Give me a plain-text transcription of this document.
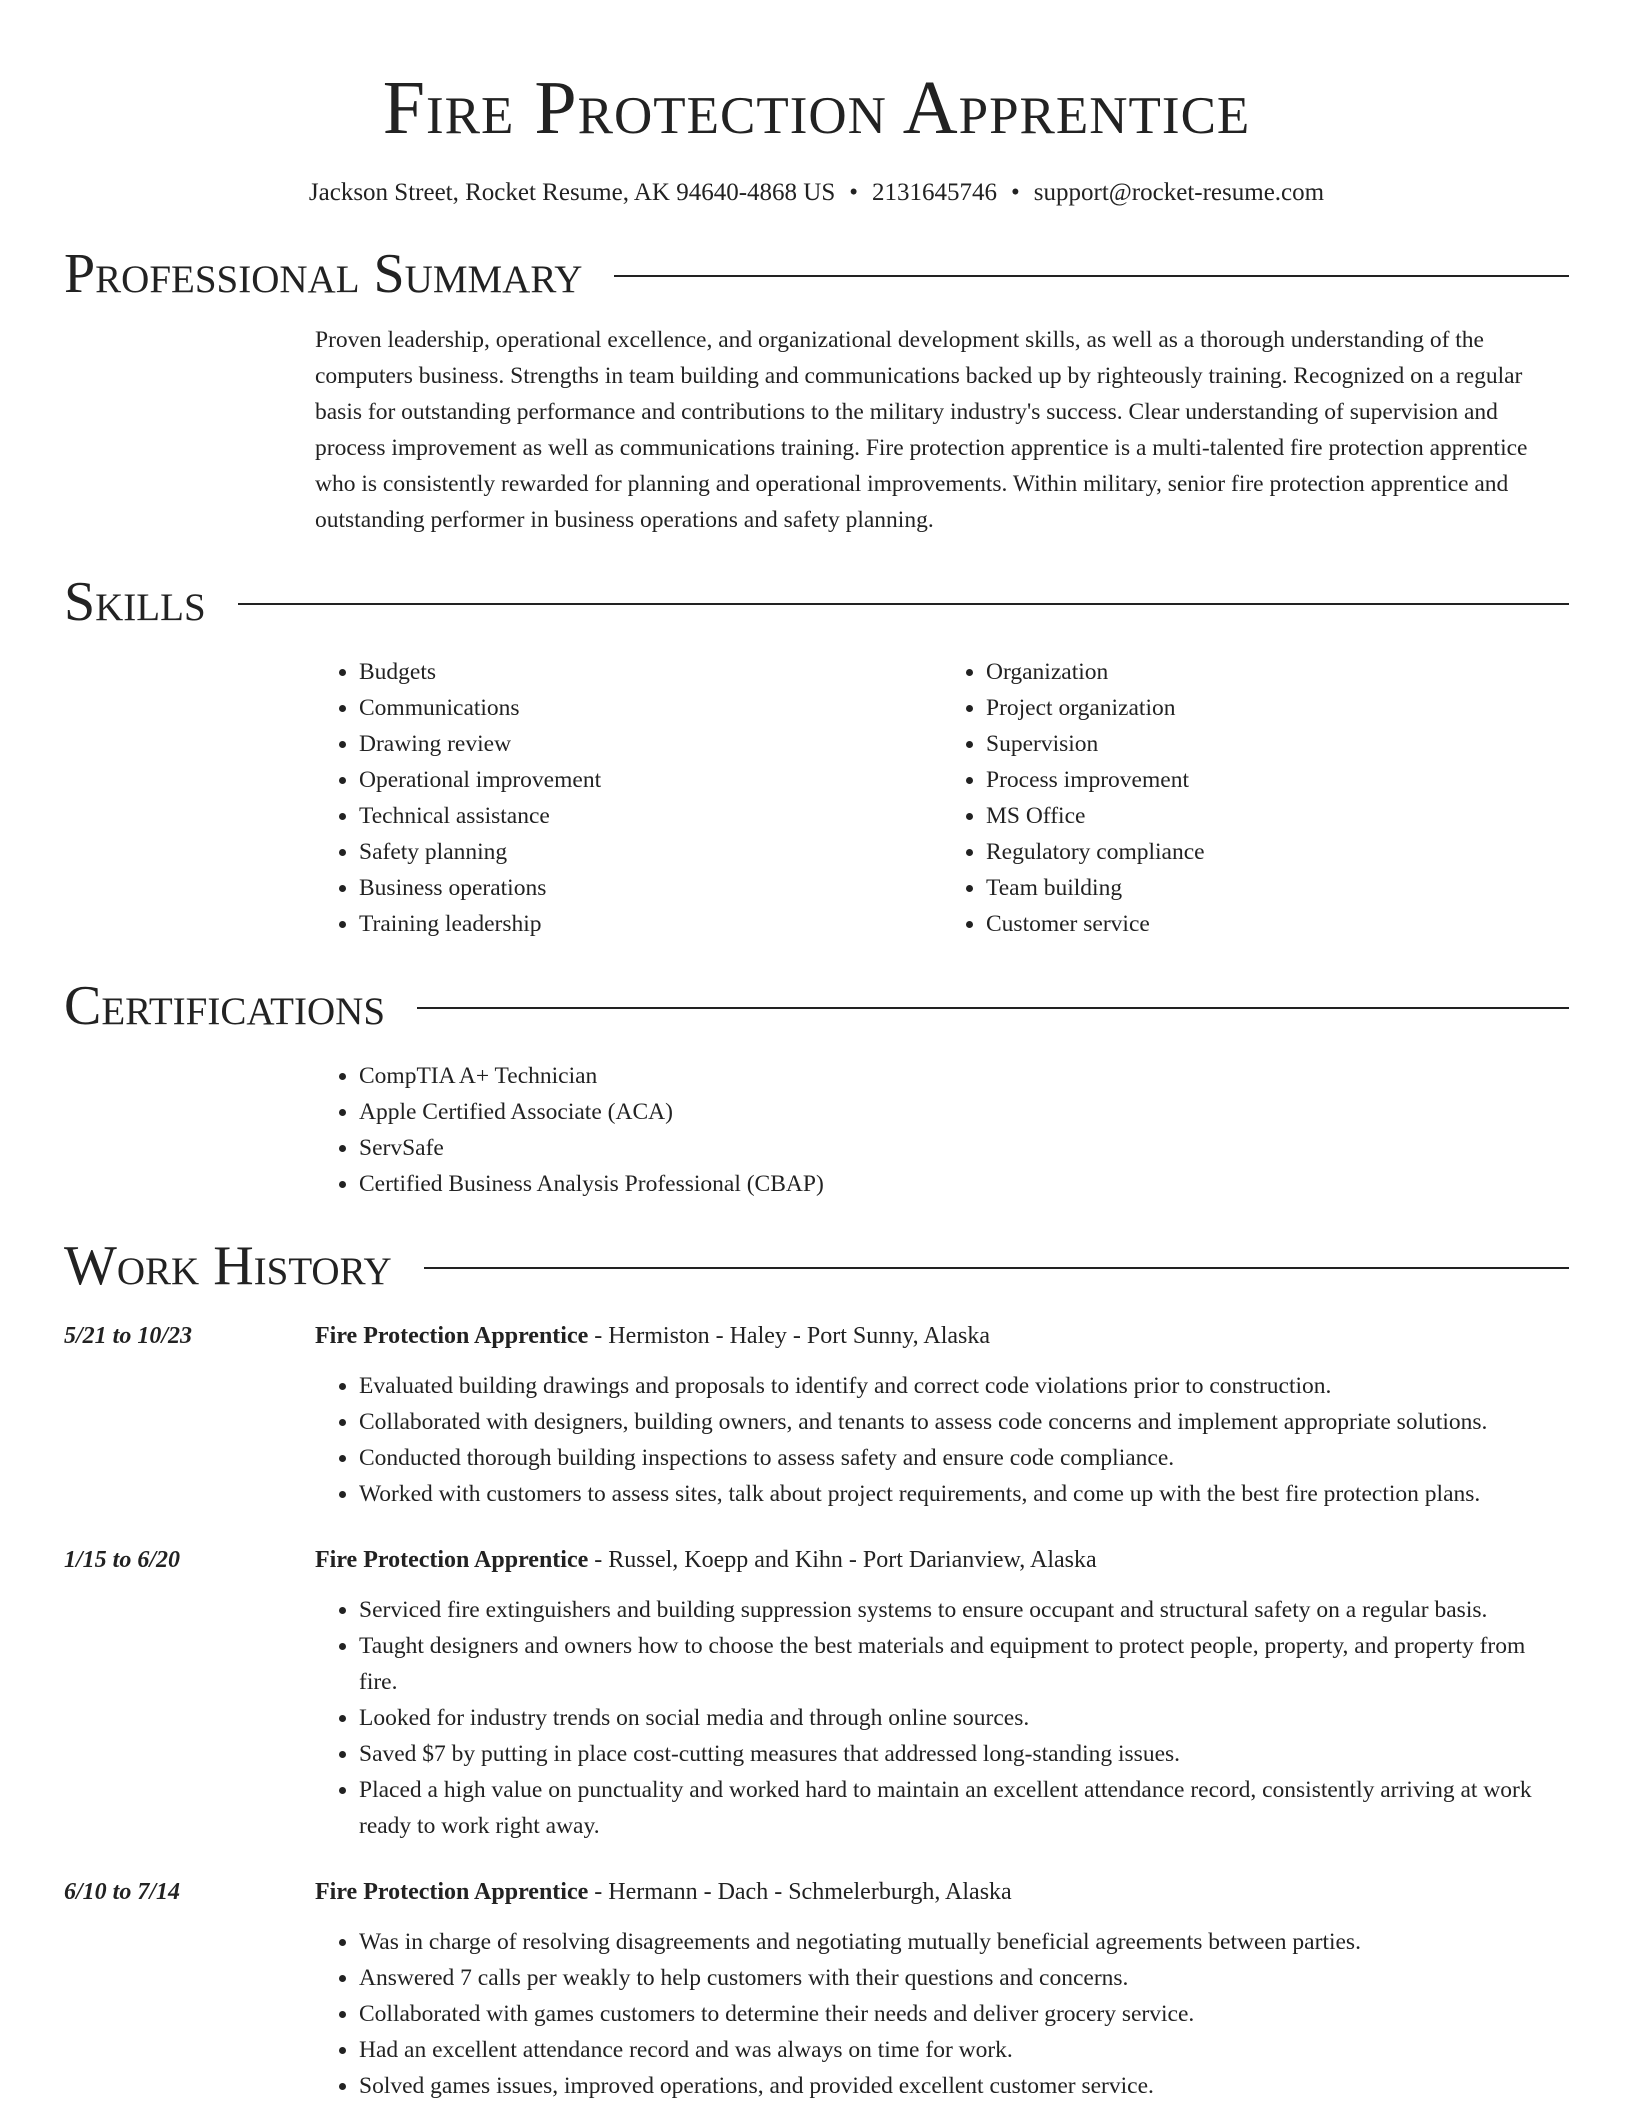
Fire Protection Apprentice
Jackson Street, Rocket Resume, AK 94640-4868 US • 2131645746 • support@rocket-resume.com
Professional Summary
Proven leadership, operational excellence, and organizational development skills, as well as a thorough understanding of the computers business. Strengths in team building and communications backed up by righteously training. Recognized on a regular basis for outstanding performance and contributions to the military industry's success. Clear understanding of supervision and process improvement as well as communications training. Fire protection apprentice is a multi-talented fire protection apprentice who is consistently rewarded for planning and operational improvements. Within military, senior fire protection apprentice and outstanding performer in business operations and safety planning.
Skills
• Budgets
• Communications
• Drawing review
• Operational improvement
• Technical assistance
• Safety planning
• Business operations
• Training leadership
• Organization
• Project organization
• Supervision
• Process improvement
• MS Office
• Regulatory compliance
• Team building
• Customer service
Certifications
• CompTIA A+ Technician
• Apple Certified Associate (ACA)
• ServSafe
• Certified Business Analysis Professional (CBAP)
Work History
5/21 to 10/23	Fire Protection Apprentice - Hermiston - Haley - Port Sunny, Alaska
• Evaluated building drawings and proposals to identify and correct code violations prior to construction.
• Collaborated with designers, building owners, and tenants to assess code concerns and implement appropriate solutions.
• Conducted thorough building inspections to assess safety and ensure code compliance.
• Worked with customers to assess sites, talk about project requirements, and come up with the best fire protection plans.
1/15 to 6/20	Fire Protection Apprentice - Russel, Koepp and Kihn - Port Darianview, Alaska
• Serviced fire extinguishers and building suppression systems to ensure occupant and structural safety on a regular basis.
• Taught designers and owners how to choose the best materials and equipment to protect people, property, and property from fire.
• Looked for industry trends on social media and through online sources.
• Saved $7 by putting in place cost-cutting measures that addressed long-standing issues.
• Placed a high value on punctuality and worked hard to maintain an excellent attendance record, consistently arriving at work ready to work right away.
6/10 to 7/14	Fire Protection Apprentice - Hermann - Dach - Schmelerburgh, Alaska
• Was in charge of resolving disagreements and negotiating mutually beneficial agreements between parties.
• Answered 7 calls per weakly to help customers with their questions and concerns.
• Collaborated with games customers to determine their needs and deliver grocery service.
• Had an excellent attendance record and was always on time for work.
• Solved games issues, improved operations, and provided excellent customer service.
